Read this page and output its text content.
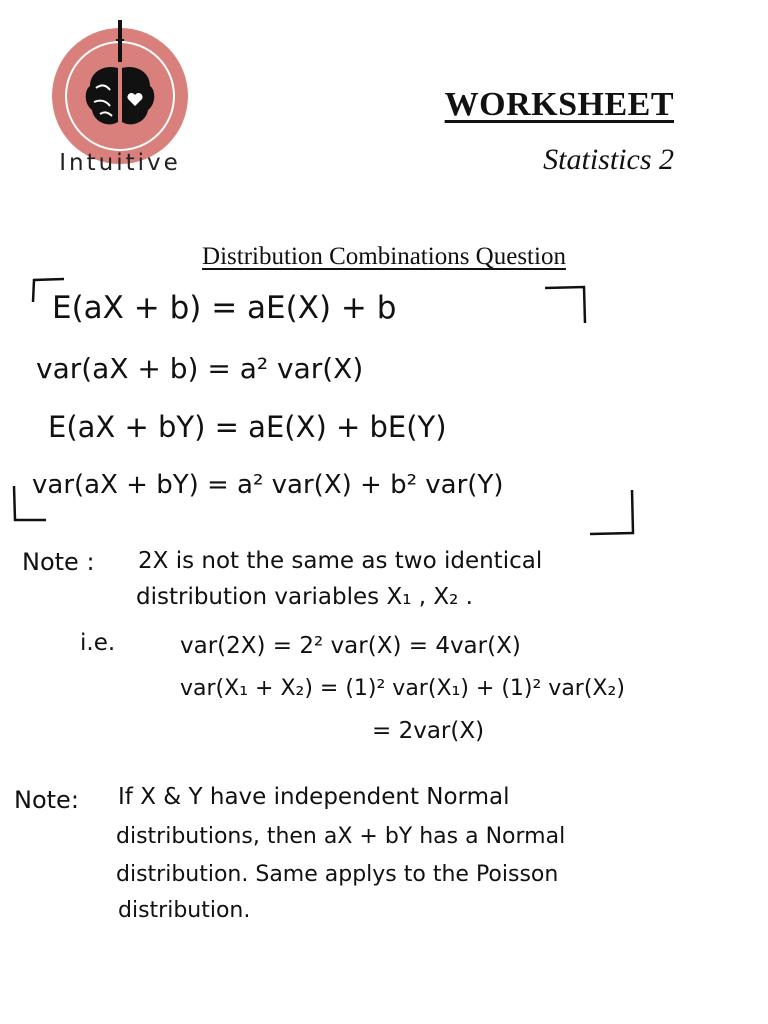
Intuitive
WORKSHEET
Statistics 2
Distribution Combinations Question
E(aX + b) = aE(X) + b
var(aX + b) = a² var(X)
E(aX + bY) = aE(X) + bE(Y)
var(aX + bY) = a² var(X) + b² var(Y)
Note : 2X is not the same as two identical
distribution variables X₁ , X₂ .
i.e.	var(2X) = 2² var(X) = 4var(X)
var(X₁ + X₂) = (1)² var(X₁) + (1)² var(X₂)
= 2var(X)
Note: If X & Y have independent Normal
distributions, then aX + bY has a Normal
distribution. Same applys to the Poisson
distribution.
